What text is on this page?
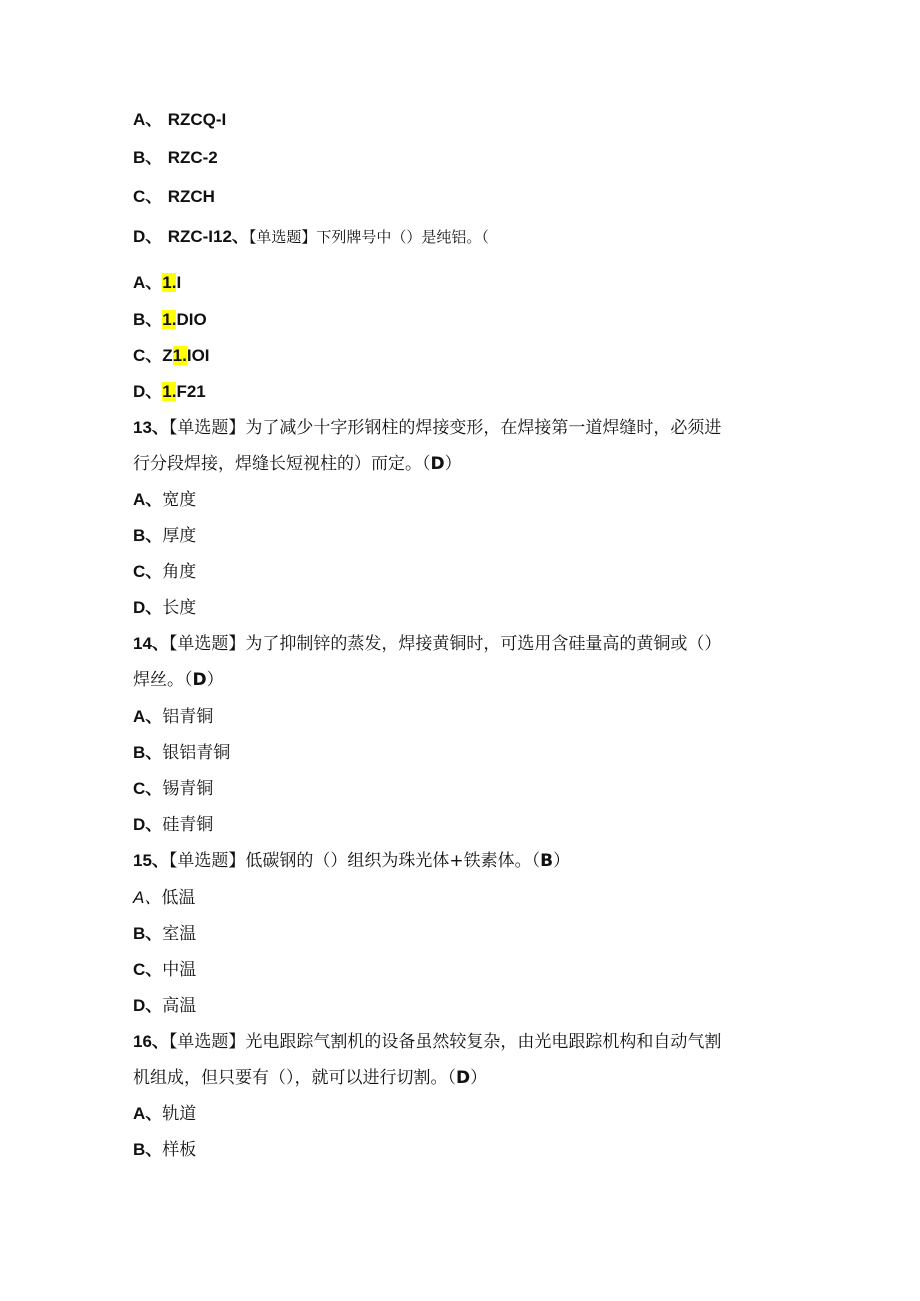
A、 RZCQ-I
B、 RZC-2
C、 RZCH
D、 RZC-I12、【单选题】下列牌号中（）是纯铝。（
A、1.I
B、1.DIO
C、Z1.IOI
D、1.F21
13、【单选题】为了减少十字形钢柱的焊接变形，在焊接第一道焊缝时，必须进
行分段焊接，焊缝长短视柱的）而定。（D）
A、宽度
B、厚度
C、角度
D、长度
14、【单选题】为了抑制锌的蒸发，焊接黄铜时，可选用含硅量高的黄铜或（）
焊丝。（D）
A、铝青铜
B、银铝青铜
C、锡青铜
D、硅青铜
15、【单选题】低碳钢的（）组织为珠光体+铁素体。（B）
A、低温
B、室温
C、中温
D、高温
16、【单选题】光电跟踪气割机的设备虽然较复杂，由光电跟踪机构和自动气割
机组成，但只要有（），就可以进行切割。（D）
A、轨道
B、样板
